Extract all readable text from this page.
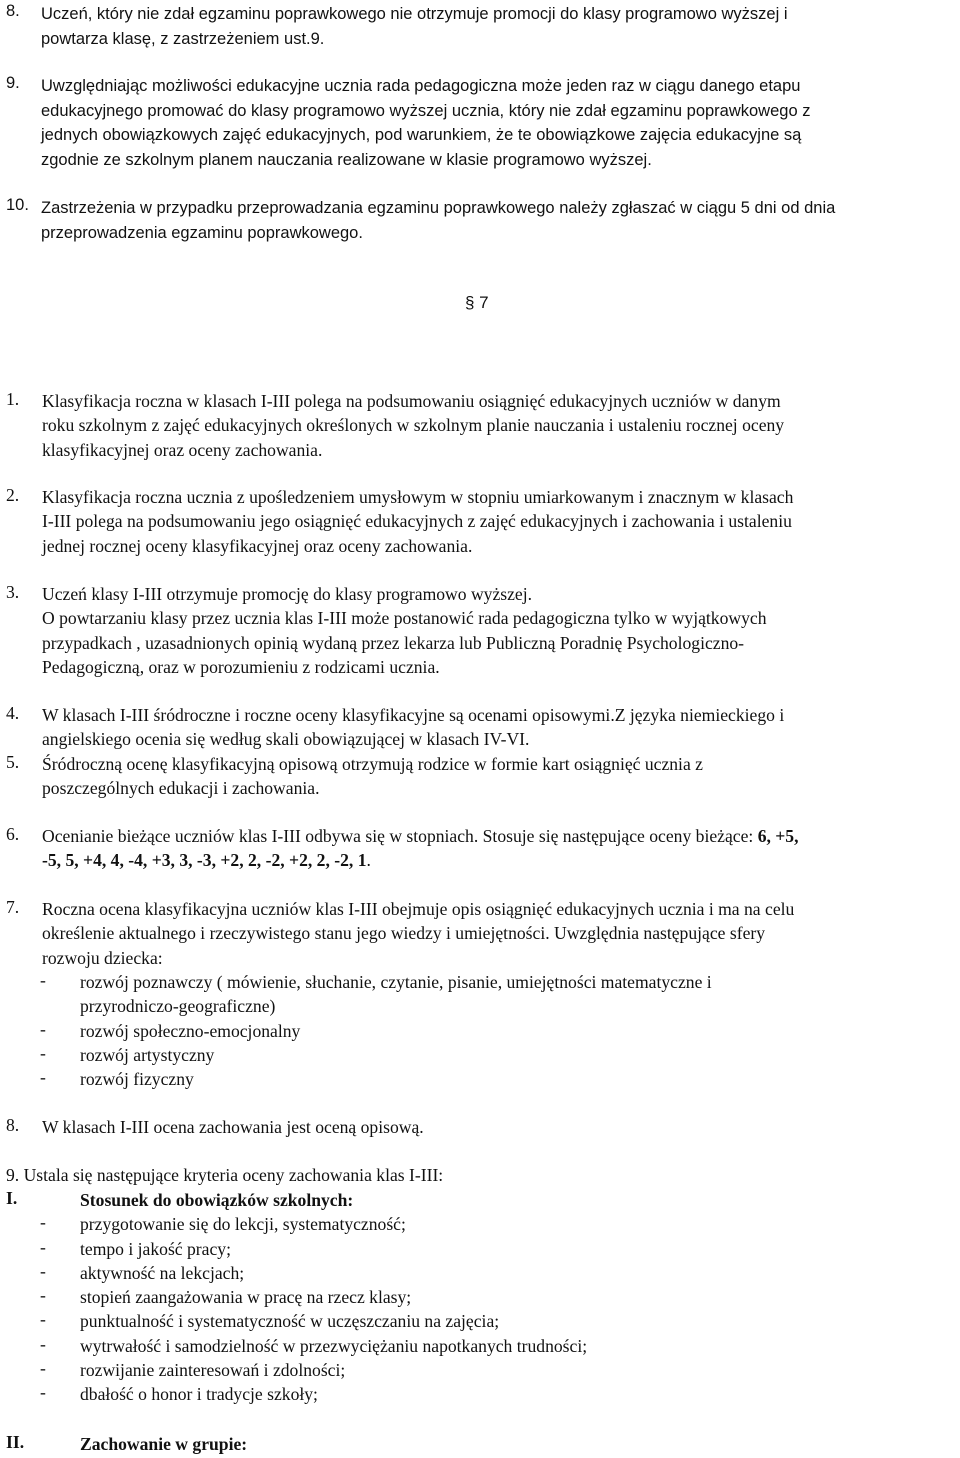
8.	Uczeń, który nie zdał egzaminu poprawkowego nie otrzymuje promocji do klasy programowo wyższej i
powtarza klasę, z zastrzeżeniem ust.9.
9.	Uwzględniając możliwości edukacyjne ucznia rada pedagogiczna może jeden raz w ciągu danego etapu
edukacyjnego promować do klasy programowo wyższej ucznia, który nie zdał egzaminu poprawkowego z
jednych obowiązkowych zajęć edukacyjnych, pod warunkiem, że te obowiązkowe zajęcia edukacyjne są
zgodnie ze szkolnym planem nauczania realizowane w klasie programowo wyższej.
10. Zastrzeżenia w przypadku przeprowadzania egzaminu poprawkowego należy zgłaszać w ciągu 5 dni od dnia
przeprowadzenia egzaminu poprawkowego.
§ 7
1.	Klasyfikacja roczna w klasach I-III polega na podsumowaniu osiągnięć edukacyjnych uczniów w danym
roku szkolnym z zajęć edukacyjnych określonych w szkolnym planie nauczania i ustaleniu rocznej oceny
klasyfikacyjnej oraz oceny zachowania.
2.	Klasyfikacja roczna ucznia z upośledzeniem umysłowym w stopniu umiarkowanym i znacznym w klasach
I-III polega na podsumowaniu jego osiągnięć edukacyjnych z zajęć edukacyjnych i zachowania i ustaleniu
jednej rocznej oceny klasyfikacyjnej oraz oceny zachowania.
3.	Uczeń klasy I-III otrzymuje promocję do klasy programowo wyższej.
O powtarzaniu klasy przez ucznia klas I-III może postanowić rada pedagogiczna tylko w wyjątkowych
przypadkach , uzasadnionych opinią wydaną przez lekarza lub Publiczną Poradnię Psychologiczno-
Pedagogiczną, oraz w porozumieniu z rodzicami ucznia.
4.	W klasach I-III śródroczne i roczne oceny klasyfikacyjne są ocenami opisowymi.Z języka niemieckiego i
angielskiego ocenia się według skali obowiązującej w klasach IV-VI.
5.	Śródroczną ocenę klasyfikacyjną opisową otrzymują rodzice w formie kart osiągnięć ucznia z
poszczególnych edukacji i zachowania.
6.	Ocenianie bieżące uczniów klas I-III odbywa się w stopniach. Stosuje się następujące oceny bieżące: 6, +5,
-5, 5, +4, 4, -4, +3, 3, -3, +2, 2, -2, +2, 2, -2, 1.
7.	Roczna ocena klasyfikacyjna uczniów klas I-III obejmuje opis osiągnięć edukacyjnych ucznia i ma na celu
określenie aktualnego i rzeczywistego stanu jego wiedzy i umiejętności. Uwzględnia następujące sfery
rozwoju dziecka:
-	rozwój poznawczy ( mówienie, słuchanie, czytanie, pisanie, umiejętności matematyczne i
przyrodniczo-geograficzne)
-	rozwój społeczno-emocjonalny
-	rozwój artystyczny
-	rozwój fizyczny
8.	W klasach I-III ocena zachowania jest oceną opisową.
9. Ustala się następujące kryteria oceny zachowania klas I-III:
I.	Stosunek do obowiązków szkolnych:
-	przygotowanie się do lekcji, systematyczność;
-	tempo i jakość pracy;
-	aktywność na lekcjach;
-	stopień zaangażowania w pracę na rzecz klasy;
-	punktualność i systematyczność w uczęszczaniu na zajęcia;
-	wytrwałość i samodzielność w przezwyciężaniu napotkanych trudności;
-	rozwijanie zainteresowań i zdolności;
-	dbałość o honor i tradycje szkoły;
II.	Zachowanie w grupie:
